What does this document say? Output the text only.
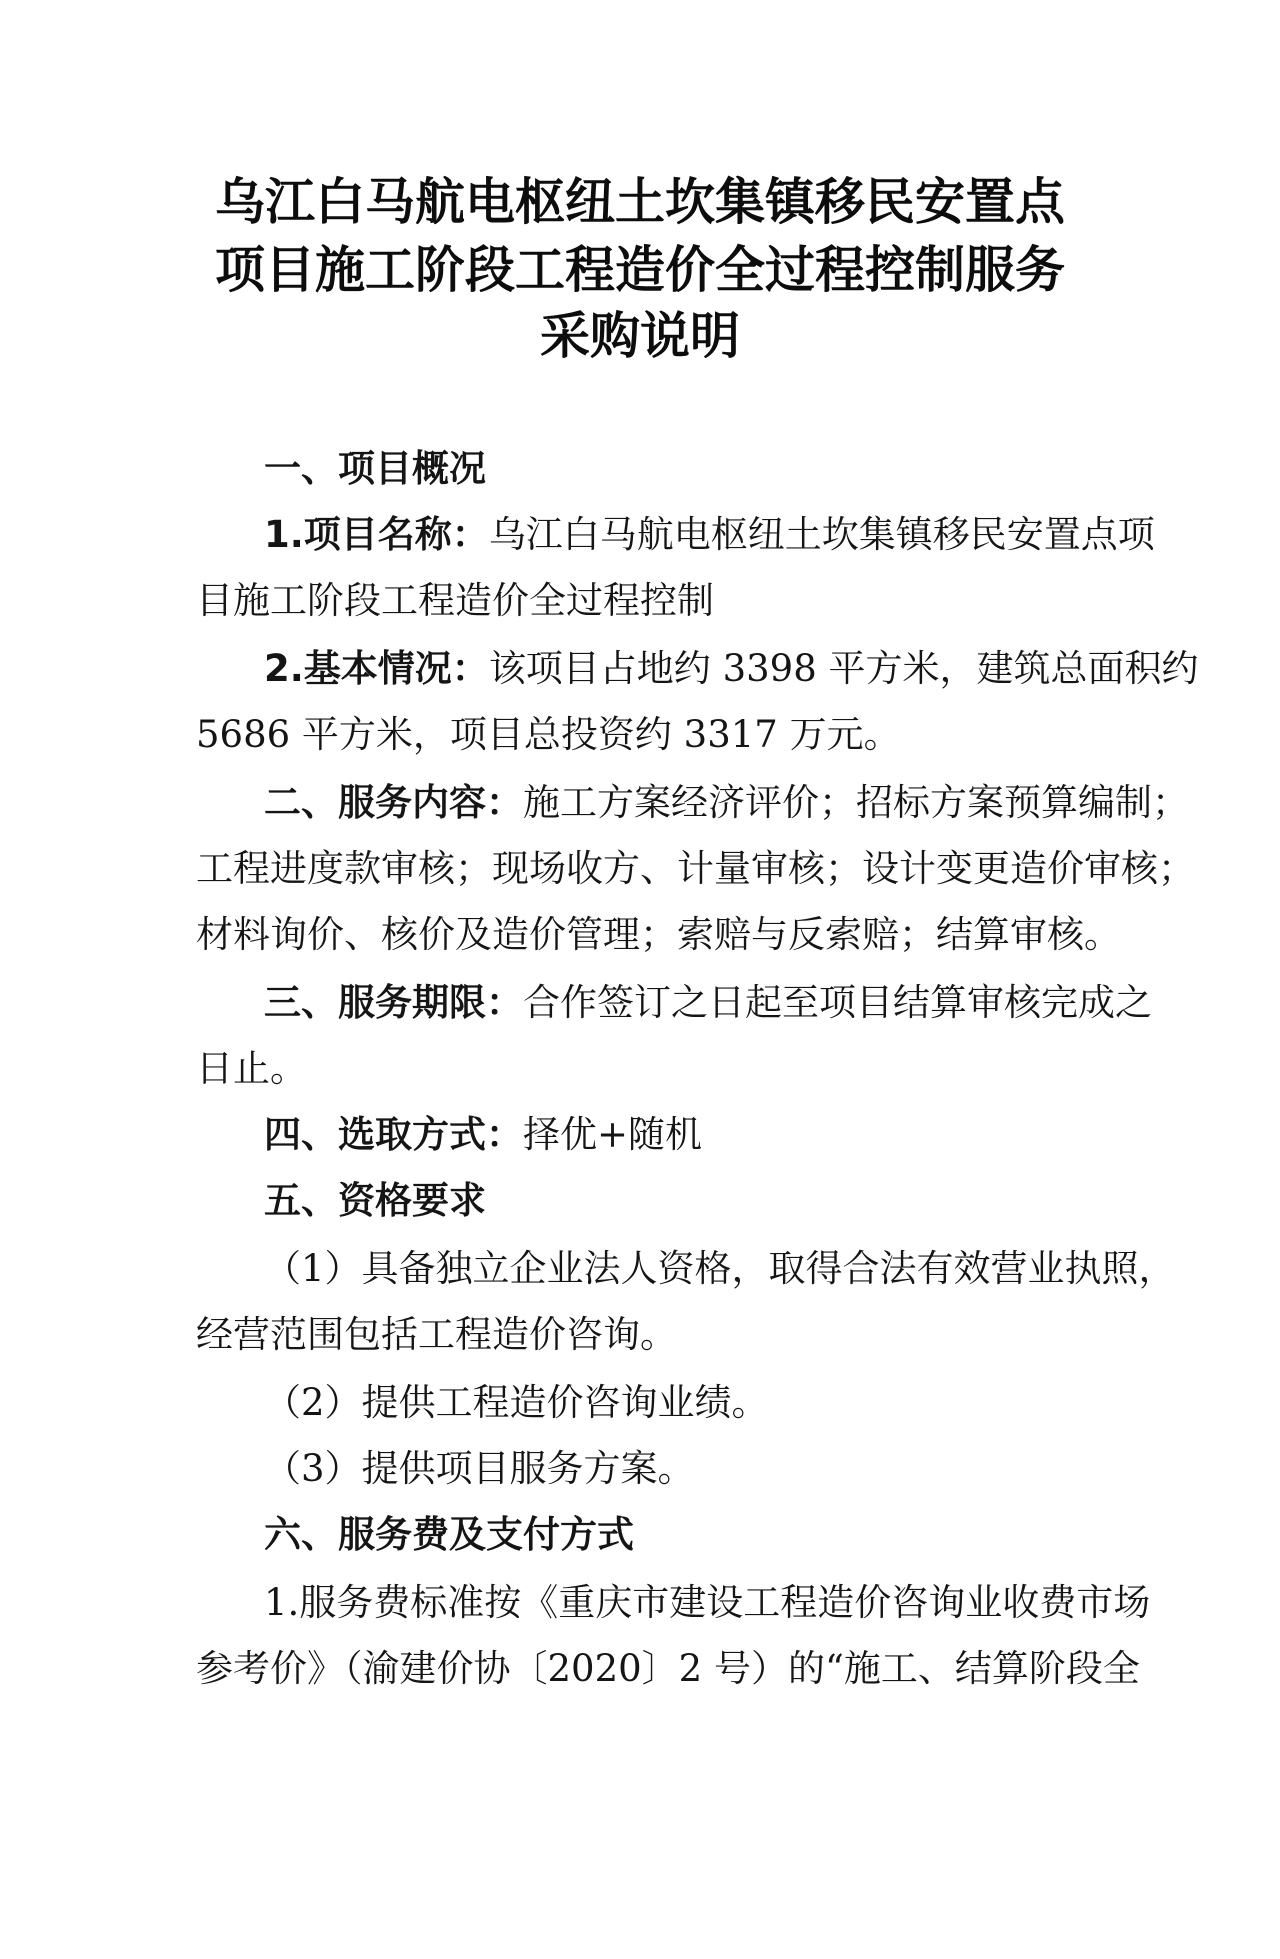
乌江白马航电枢纽土坎集镇移民安置点
项目施工阶段工程造价全过程控制服务
采购说明
一、项目概况
1.项目名称：乌江白马航电枢纽土坎集镇移民安置点项
目施工阶段工程造价全过程控制
2.基本情况：该项目占地约 3398 平方米，建筑总面积约
5686 平方米，项目总投资约 3317 万元。
二、服务内容：施工方案经济评价；招标方案预算编制；
工程进度款审核；现场收方、计量审核；设计变更造价审核；
材料询价、核价及造价管理；索赔与反索赔；结算审核。
三、服务期限：合作签订之日起至项目结算审核完成之
日止。
四、选取方式：择优+随机
五、资格要求
（1）具备独立企业法人资格，取得合法有效营业执照，
经营范围包括工程造价咨询。
（2）提供工程造价咨询业绩。
（3）提供项目服务方案。
六、服务费及支付方式
1.服务费标准按《重庆市建设工程造价咨询业收费市场
参考价》（渝建价协〔2020〕2 号）的“施工、结算阶段全
